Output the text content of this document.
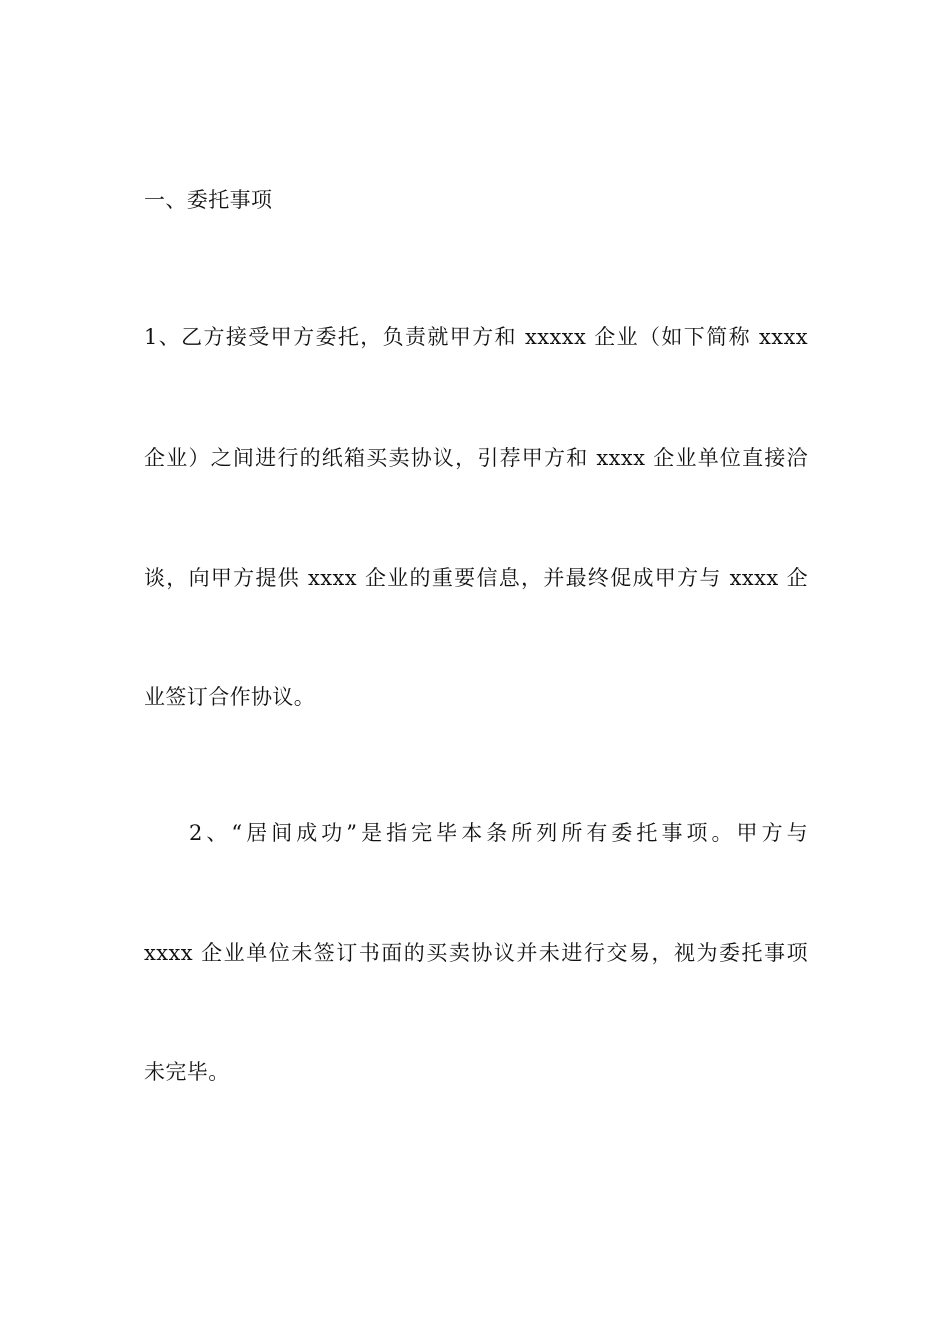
一、委托事项
1、乙方接受甲方委托，负责就甲方和 xxxxx 企业（如下简称 xxxx
企业）之间进行的纸箱买卖协议，引荐甲方和 xxxx 企业单位直接洽
谈，向甲方提供 xxxx 企业的重要信息，并最终促成甲方与 xxxx 企
业签订合作协议。
2、“居间成功”是指完毕本条所列所有委托事项。甲方与
xxxx 企业单位未签订书面的买卖协议并未进行交易，视为委托事项
未完毕。
